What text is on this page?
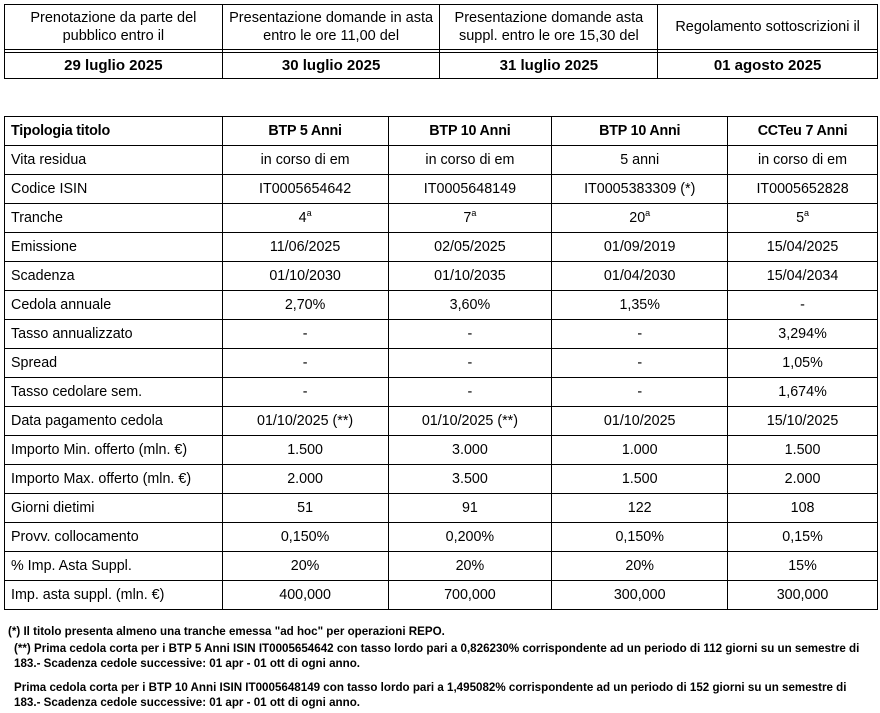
Prenotazione da parte del pubblico entro il	Presentazione domande in asta entro le ore 11,00 del	Presentazione domande asta suppl. entro le ore 15,30 del	Regolamento sottoscrizioni il

29 luglio 2025	30 luglio 2025	31 luglio 2025	01 agosto 2025
Tipologia titolo	BTP 5 Anni	BTP 10 Anni	BTP 10 Anni	CCTeu 7 Anni
Vita residua	in corso di em	in corso di em	5 anni	in corso di em
Codice ISIN	IT0005654642	IT0005648149	IT0005383309 (*)	IT0005652828
Tranche	4$^a$	7$^a$	20$^a$	5$^a$
Emissione	11/06/2025	02/05/2025	01/09/2019	15/04/2025
Scadenza	01/10/2030	01/10/2035	01/04/2030	15/04/2034
Cedola annuale	2,70%	3,60%	1,35%	-
Tasso annualizzato	-	-	-	3,294%
Spread	-	-	-	1,05%
Tasso cedolare sem.	-	-	-	1,674%
Data pagamento cedola	01/10/2025 (**)	01/10/2025 (**)	01/10/2025	15/10/2025
Importo Min. offerto (mln. €)	1.500	3.000	1.000	1.500
Importo Max. offerto (mln. €)	2.000	3.500	1.500	2.000
Giorni dietimi	51	91	122	108
Provv. collocamento	0,150%	0,200%	0,150%	0,15%
% Imp. Asta Suppl.	20%	20%	20%	15%
Imp. asta suppl. (mln. €)	400,000	700,000	300,000	300,000
(*) Il titolo presenta almeno una tranche emessa "ad hoc" per operazioni REPO.
(**) Prima cedola corta per i BTP 5 Anni ISIN IT0005654642 con tasso lordo pari a 0,826230% corrispondente ad un periodo di 112 giorni su un semestre di 183.- Scadenza cedole successive: 01 apr - 01 ott di ogni anno.
Prima cedola corta per i BTP 10 Anni ISIN IT0005648149 con tasso lordo pari a 1,495082% corrispondente ad un periodo di 152 giorni su un semestre di 183.- Scadenza cedole successive: 01 apr - 01 ott di ogni anno.
